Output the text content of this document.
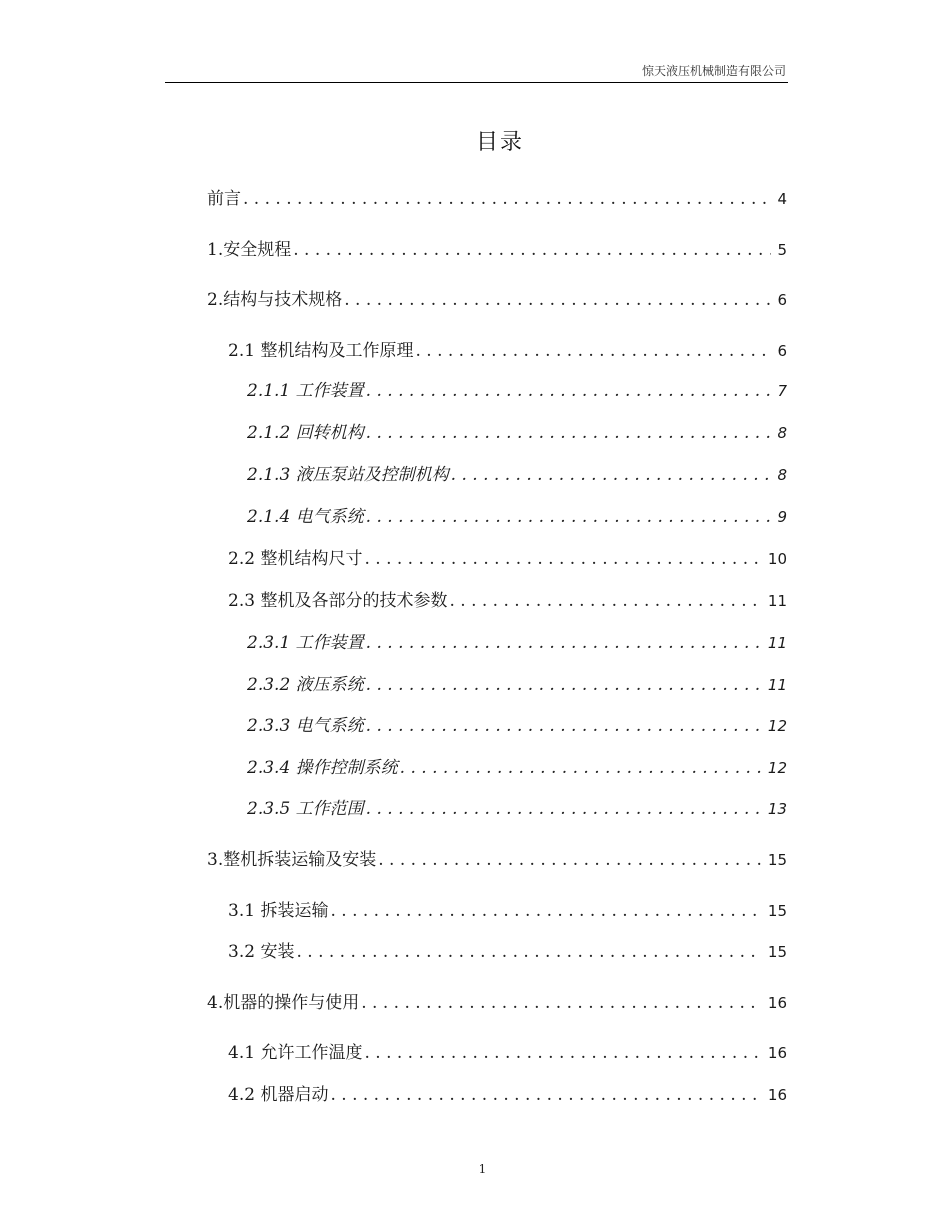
惊天液压机械制造有限公司
目录
前言 . . .	4
1.安全规程 . . .	5
2.结构与技术规格 . . .	6
2.1 整机结构及工作原理 . . .	6
2.1.1 工作装置 . . .	7
2.1.2 回转机构 . . .	8
2.1.3 液压泵站及控制机构 . . .	8
2.1.4 电气系统 . . .	9
2.2 整机结构尺寸 . . .	10
2.3 整机及各部分的技术参数 . . .	11
2.3.1 工作装置 . . .	11
2.3.2 液压系统 . . .	11
2.3.3 电气系统 . . .	12
2.3.4 操作控制系统 . . .	12
2.3.5 工作范围 . . .	13
3.整机拆装运输及安装 . . .	15
3.1 拆装运输 . . .	15
3.2 安装 . . .	15
4.机器的操作与使用 . . .	16
4.1 允许工作温度 . . .	16
4.2 机器启动 . . .	16
1
